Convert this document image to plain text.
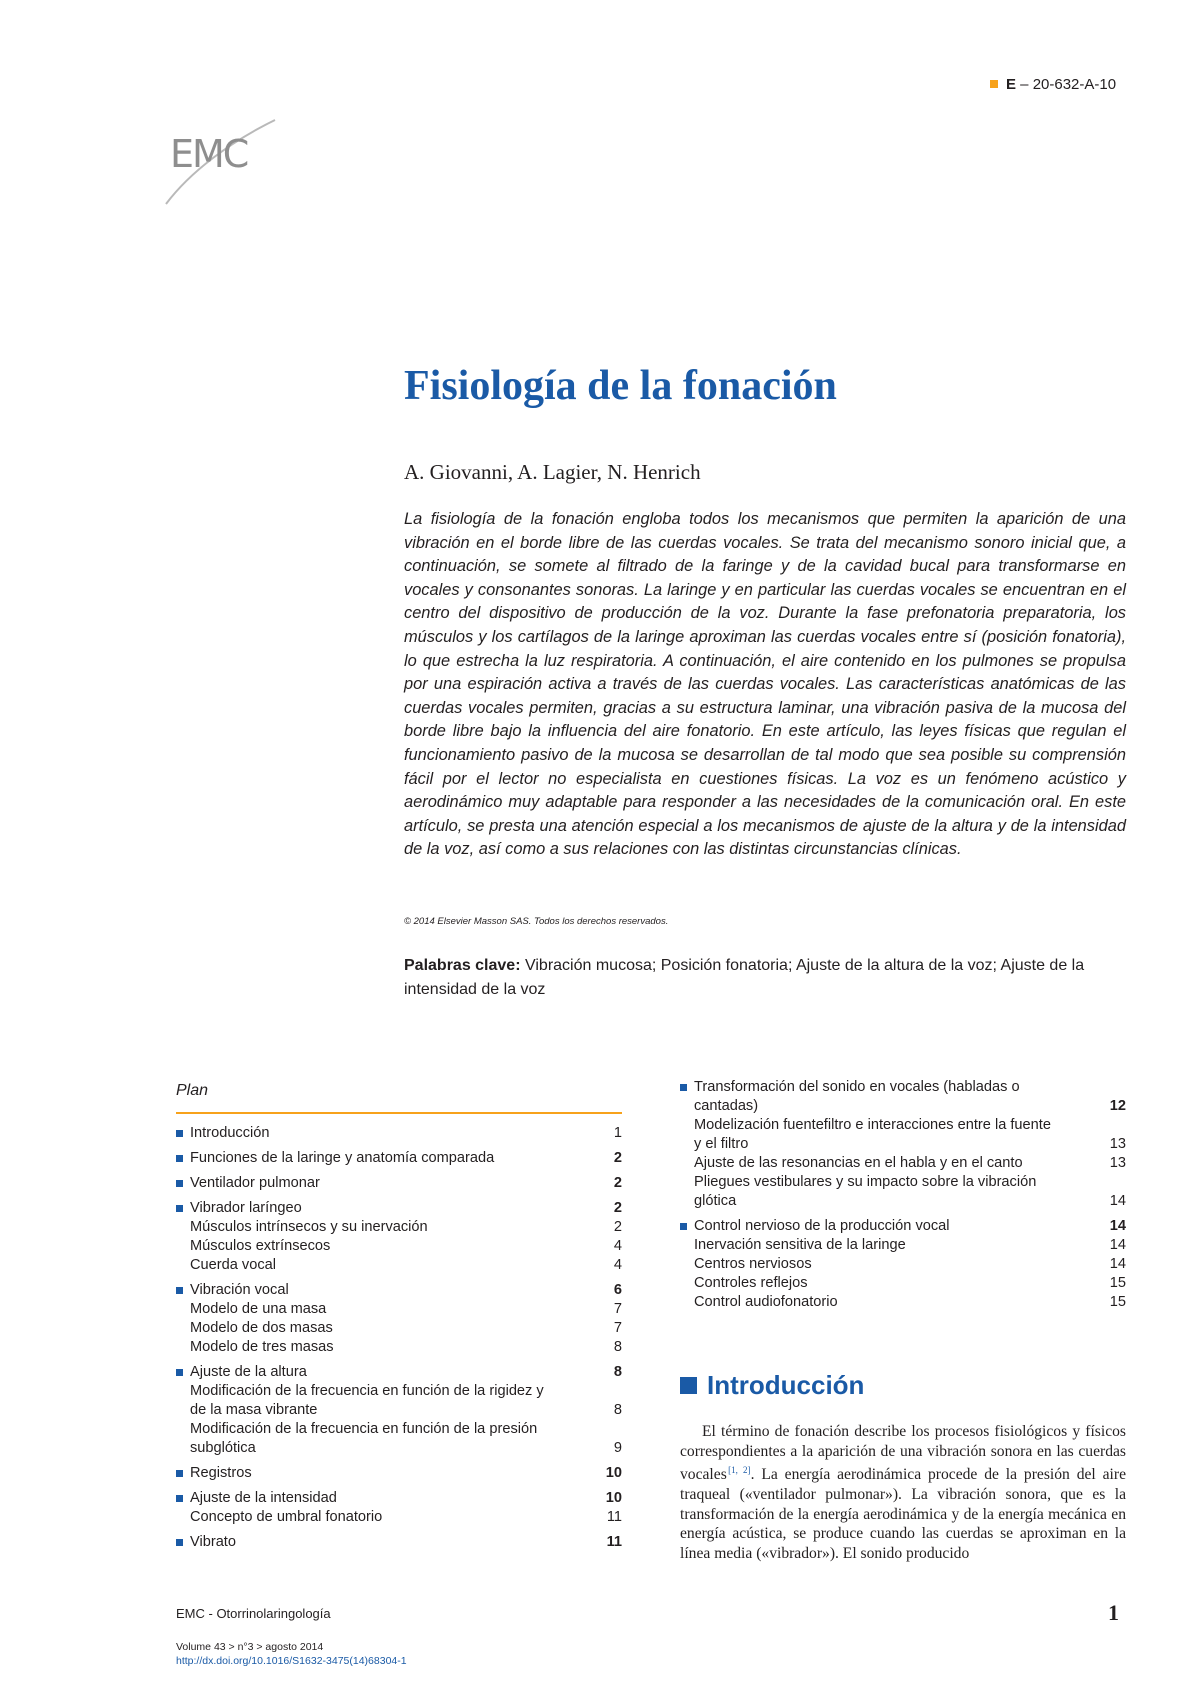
E – 20-632-A-10
EMC
Fisiología de la fonación
A. Giovanni, A. Lagier, N. Henrich
La fisiología de la fonación engloba todos los mecanismos que permiten la aparición de una vibración en el borde libre de las cuerdas vocales. Se trata del mecanismo sonoro inicial que, a continuación, se somete al filtrado de la faringe y de la cavidad bucal para transformarse en vocales y consonantes sonoras. La laringe y en particular las cuerdas vocales se encuentran en el centro del dispositivo de producción de la voz. Durante la fase prefonatoria preparatoria, los músculos y los cartílagos de la laringe aproximan las cuerdas vocales entre sí (posición fonatoria), lo que estrecha la luz respiratoria. A continuación, el aire contenido en los pulmones se propulsa por una espiración activa a través de las cuerdas vocales. Las características anatómicas de las cuerdas vocales permiten, gracias a su estructura laminar, una vibración pasiva de la mucosa del borde libre bajo la influencia del aire fonatorio. En este artículo, las leyes físicas que regulan el funcionamiento pasivo de la mucosa se desarrollan de tal modo que sea posible su comprensión fácil por el lector no especialista en cuestiones físicas. La voz es un fenómeno acústico y aerodinámico muy adaptable para responder a las necesidades de la comunicación oral. En este artículo, se presta una atención especial a los mecanismos de ajuste de la altura y de la intensidad de la voz, así como a sus relaciones con las distintas circunstancias clínicas.
© 2014 Elsevier Masson SAS. Todos los derechos reservados.
Palabras clave: Vibración mucosa; Posición fonatoria; Ajuste de la altura de la voz; Ajuste de la intensidad de la voz
Plan
Introducción	1
Funciones de la laringe y anatomía comparada	2
Ventilador pulmonar	2
Vibrador laríngeo	2
Músculos intrínsecos y su inervación	2
Músculos extrínsecos	4
Cuerda vocal	4
Vibración vocal	6
Modelo de una masa	7
Modelo de dos masas	7
Modelo de tres masas	8
Ajuste de la altura	8
Modificación de la frecuencia en función de la rigidez y de la masa vibrante	8
Modificación de la frecuencia en función de la presión subglótica	9
Registros	10
Ajuste de la intensidad	10
Concepto de umbral fonatorio	11
Vibrato	11
Transformación del sonido en vocales (habladas o cantadas)	12
Modelización fuentefiltro e interacciones entre la fuente y el filtro	13
Ajuste de las resonancias en el habla y en el canto	13
Pliegues vestibulares y su impacto sobre la vibración glótica	14
Control nervioso de la producción vocal	14
Inervación sensitiva de la laringe	14
Centros nerviosos	14
Controles reflejos	15
Control audiofonatorio	15
Introducción
El término de fonación describe los procesos fisiológicos y físicos correspondientes a la aparición de una vibración sonora en las cuerdas vocales [1, 2]. La energía aerodinámica procede de la presión del aire traqueal («ventilador pulmonar»). La vibración sonora, que es la transformación de la energía aerodinámica y de la energía mecánica en energía acústica, se produce cuando las cuerdas se aproximan en la línea media («vibrador»). El sonido producido
EMC - Otorrinolaringología	1
Volume 43 > n°3 > agosto 2014
http://dx.doi.org/10.1016/S1632-3475(14)68304-1
